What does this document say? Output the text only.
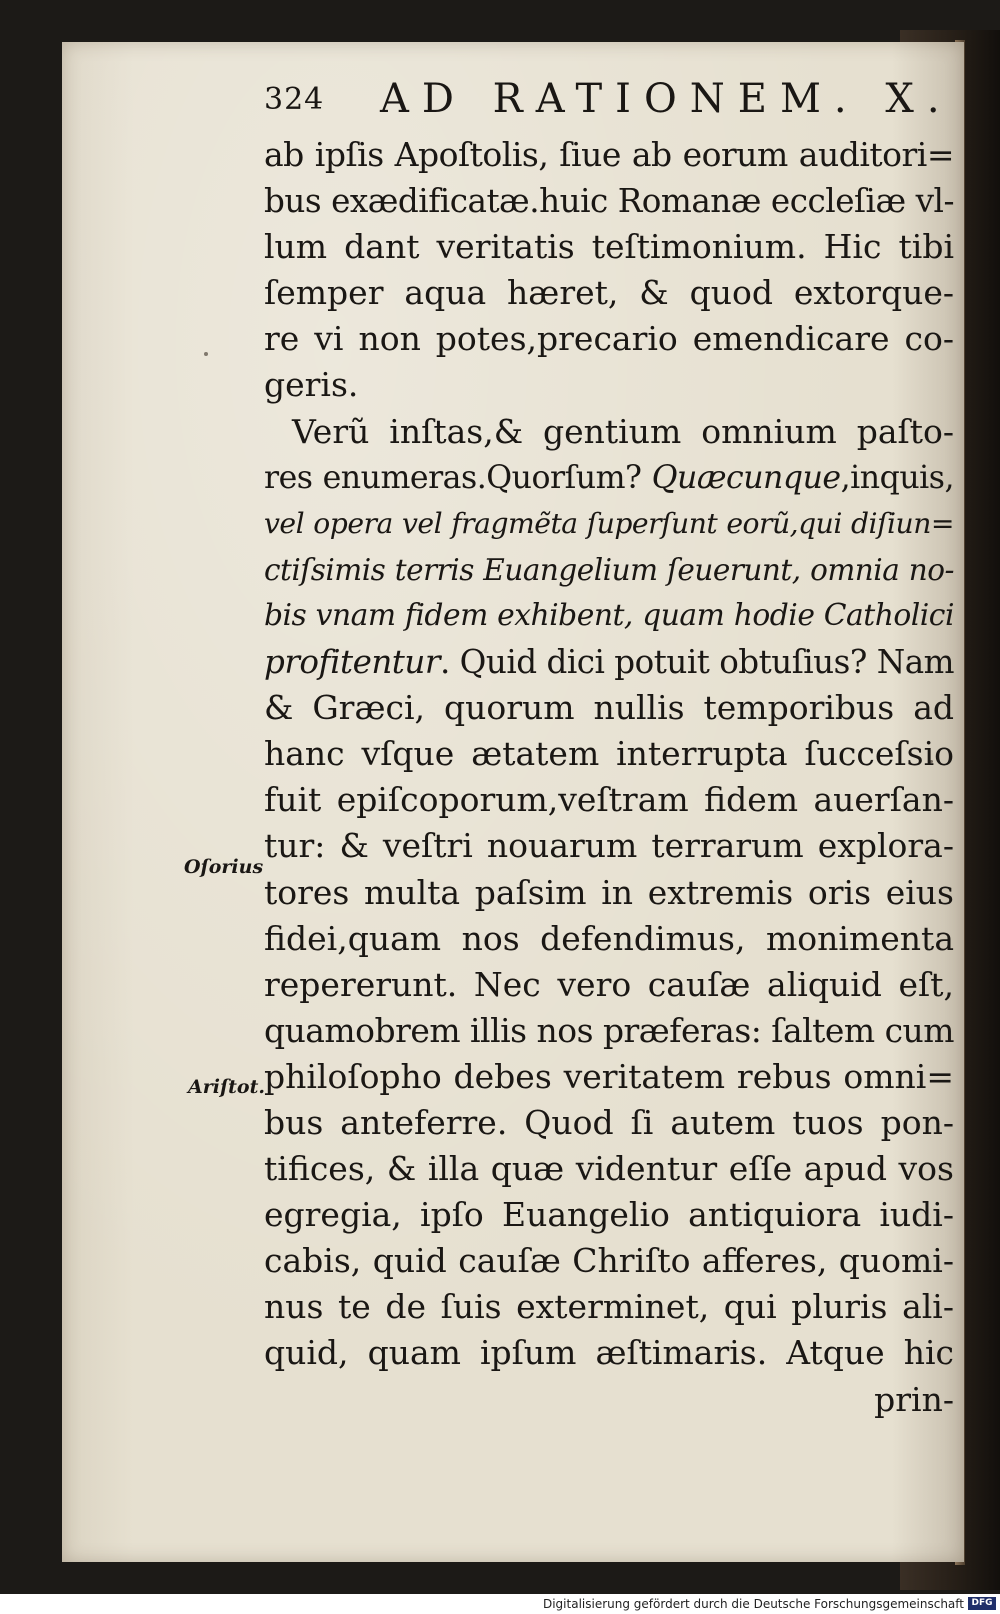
324 AD RATIONEM. X.
ab ipſis Apoſtolis, ſiue ab eorum auditori=
bus exædificatæ.huic Romanæ eccleſiæ vl-
lum dant veritatis teſtimonium. Hic tibi
ſemper aqua hæret, & quod extorque-
re vi non potes,precario emendicare co-
geris.
Verũ inſtas,& gentium omnium paſto-
res enumeras.Quorſum? Quæcunque,inquis,
vel opera vel fragmẽta ſuperſunt eorũ,qui diſiun=
ctiſsimis terris Euangelium ſeuerunt, omnia no-
bis vnam fidem exhibent, quam hodie Catholici
profitentur. Quid dici potuit obtuſius? Nam
& Græci, quorum nullis temporibus ad
hanc vſque ætatem interrupta ſucceſsio
fuit epiſcoporum,veſtram fidem auerſan-
tur: & veſtri nouarum terrarum explora-
tores multa paſsim in extremis oris eius
fidei,quam nos defendimus, monimenta
repererunt. Nec vero cauſæ aliquid eſt,
quamobrem illis nos præferas: ſaltem cum
philoſopho debes veritatem rebus omni=
bus anteferre. Quod ſi autem tuos pon-
tifices, & illa quæ videntur eſſe apud vos
egregia, ipſo Euangelio antiquiora iudi-
cabis, quid cauſæ Chriſto afferes, quomi-
nus te de ſuis exterminet, qui pluris ali-
quid, quam ipſum æſtimaris. Atque hic
prin-
Oſorius
Ariſtot.
Digitalisierung gefördert durch die Deutsche Forschungsgemeinschaft DFG
